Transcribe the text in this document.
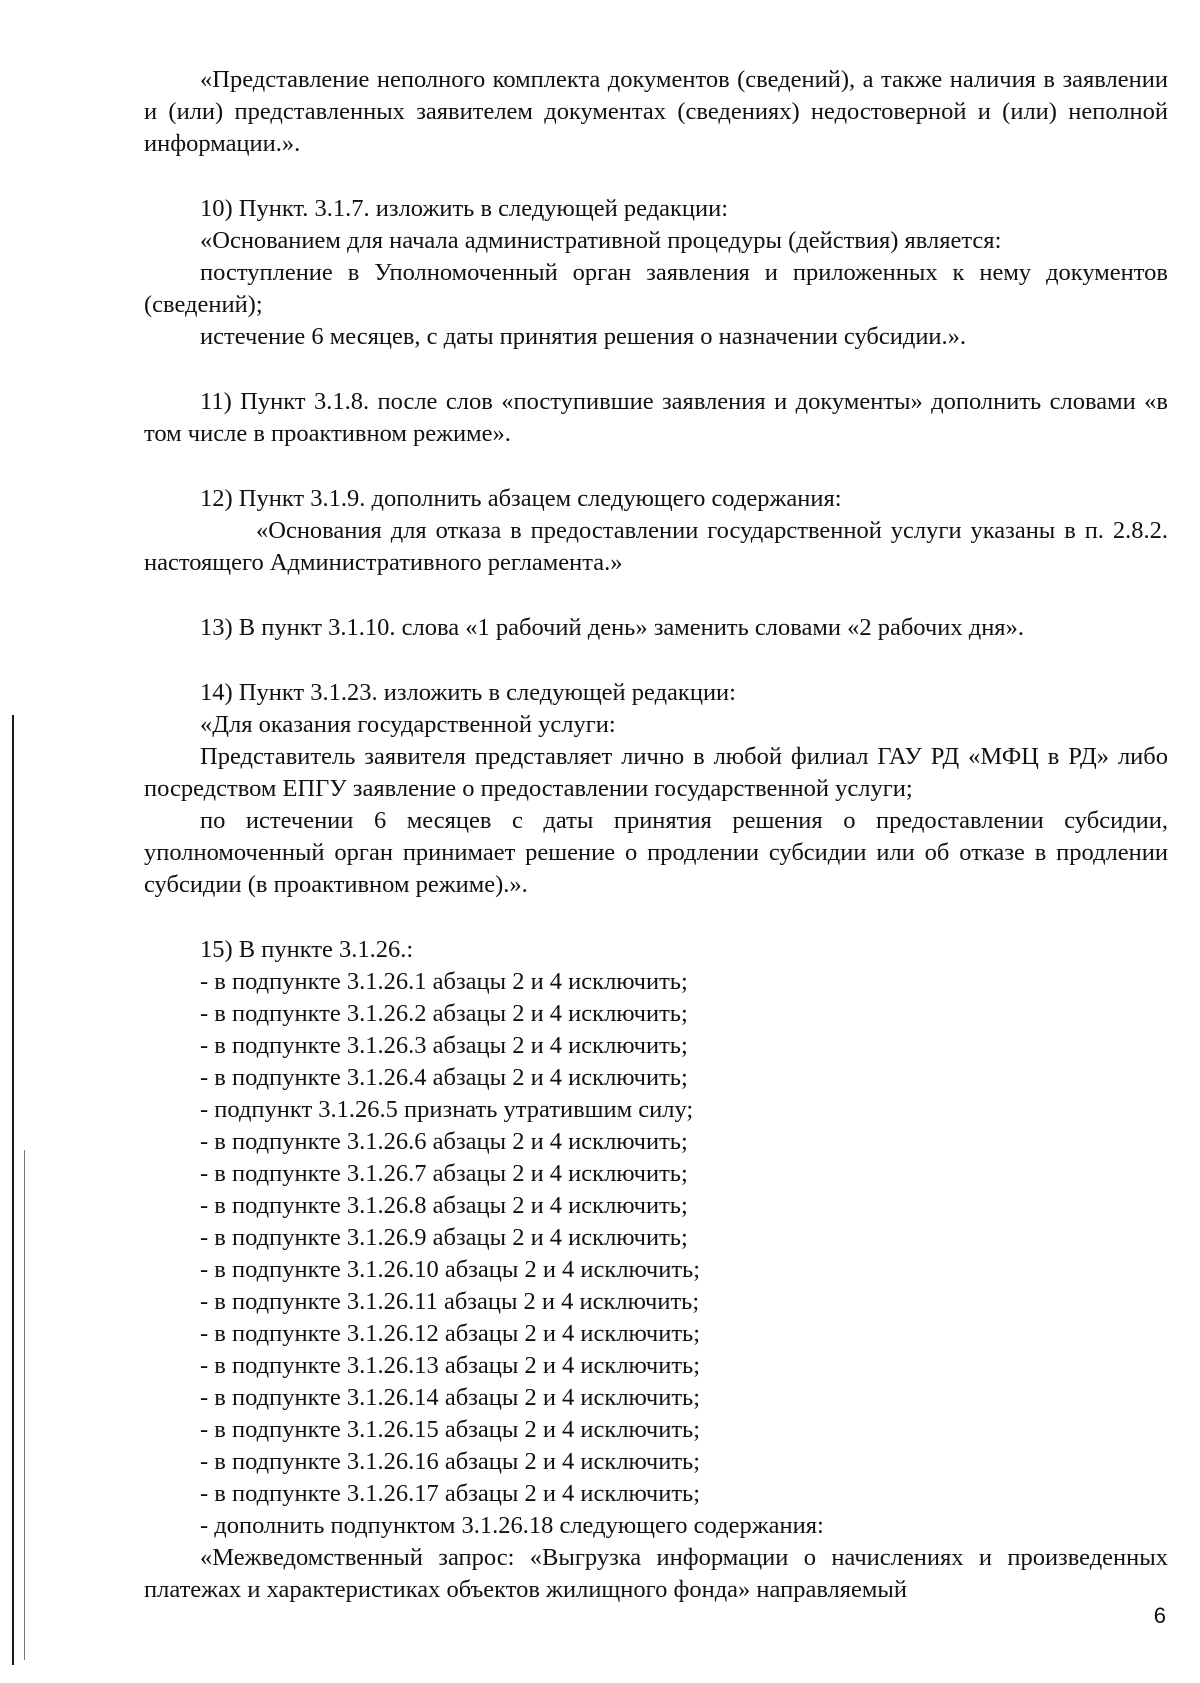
«Представление неполного комплекта документов (сведений), а также наличия в заявлении и (или) представленных заявителем документах (сведениях) недостоверной и (или) неполной информации.».
10) Пункт. 3.1.7. изложить в следующей редакции:
«Основанием для начала административной процедуры (действия) является:
поступление в Уполномоченный орган заявления и приложенных к нему документов (сведений);
истечение 6 месяцев, с даты принятия решения о назначении субсидии.».
11) Пункт 3.1.8. после слов «поступившие заявления и документы» дополнить словами «в том числе в проактивном режиме».
12) Пункт 3.1.9. дополнить абзацем следующего содержания:
«Основания для отказа в предоставлении государственной услуги указаны в п. 2.8.2. настоящего Административного регламента.»
13) В пункт 3.1.10. слова «1 рабочий день» заменить словами «2 рабочих дня».
14) Пункт 3.1.23. изложить в следующей редакции:
«Для оказания государственной услуги:
Представитель заявителя представляет лично в любой филиал ГАУ РД «МФЦ в РД» либо посредством ЕПГУ заявление о предоставлении государственной услуги;
по истечении 6 месяцев с даты принятия решения о предоставлении субсидии, уполномоченный орган принимает решение о продлении субсидии или об отказе в продлении субсидии (в проактивном режиме).».
15) В пункте 3.1.26.:
- в подпункте 3.1.26.1 абзацы 2 и 4 исключить;
- в подпункте 3.1.26.2 абзацы 2 и 4 исключить;
- в подпункте 3.1.26.3 абзацы 2 и 4 исключить;
- в подпункте 3.1.26.4 абзацы 2 и 4 исключить;
- подпункт 3.1.26.5 признать утратившим силу;
- в подпункте 3.1.26.6 абзацы 2 и 4 исключить;
- в подпункте 3.1.26.7 абзацы 2 и 4 исключить;
- в подпункте 3.1.26.8 абзацы 2 и 4 исключить;
- в подпункте 3.1.26.9 абзацы 2 и 4 исключить;
- в подпункте 3.1.26.10 абзацы 2 и 4 исключить;
- в подпункте 3.1.26.11 абзацы 2 и 4 исключить;
- в подпункте 3.1.26.12 абзацы 2 и 4 исключить;
- в подпункте 3.1.26.13 абзацы 2 и 4 исключить;
- в подпункте 3.1.26.14 абзацы 2 и 4 исключить;
- в подпункте 3.1.26.15 абзацы 2 и 4 исключить;
- в подпункте 3.1.26.16 абзацы 2 и 4 исключить;
- в подпункте 3.1.26.17 абзацы 2 и 4 исключить;
- дополнить подпунктом 3.1.26.18 следующего содержания:
«Межведомственный запрос: «Выгрузка информации о начислениях и произведенных платежах и характеристиках объектов жилищного фонда» направляемый
6
